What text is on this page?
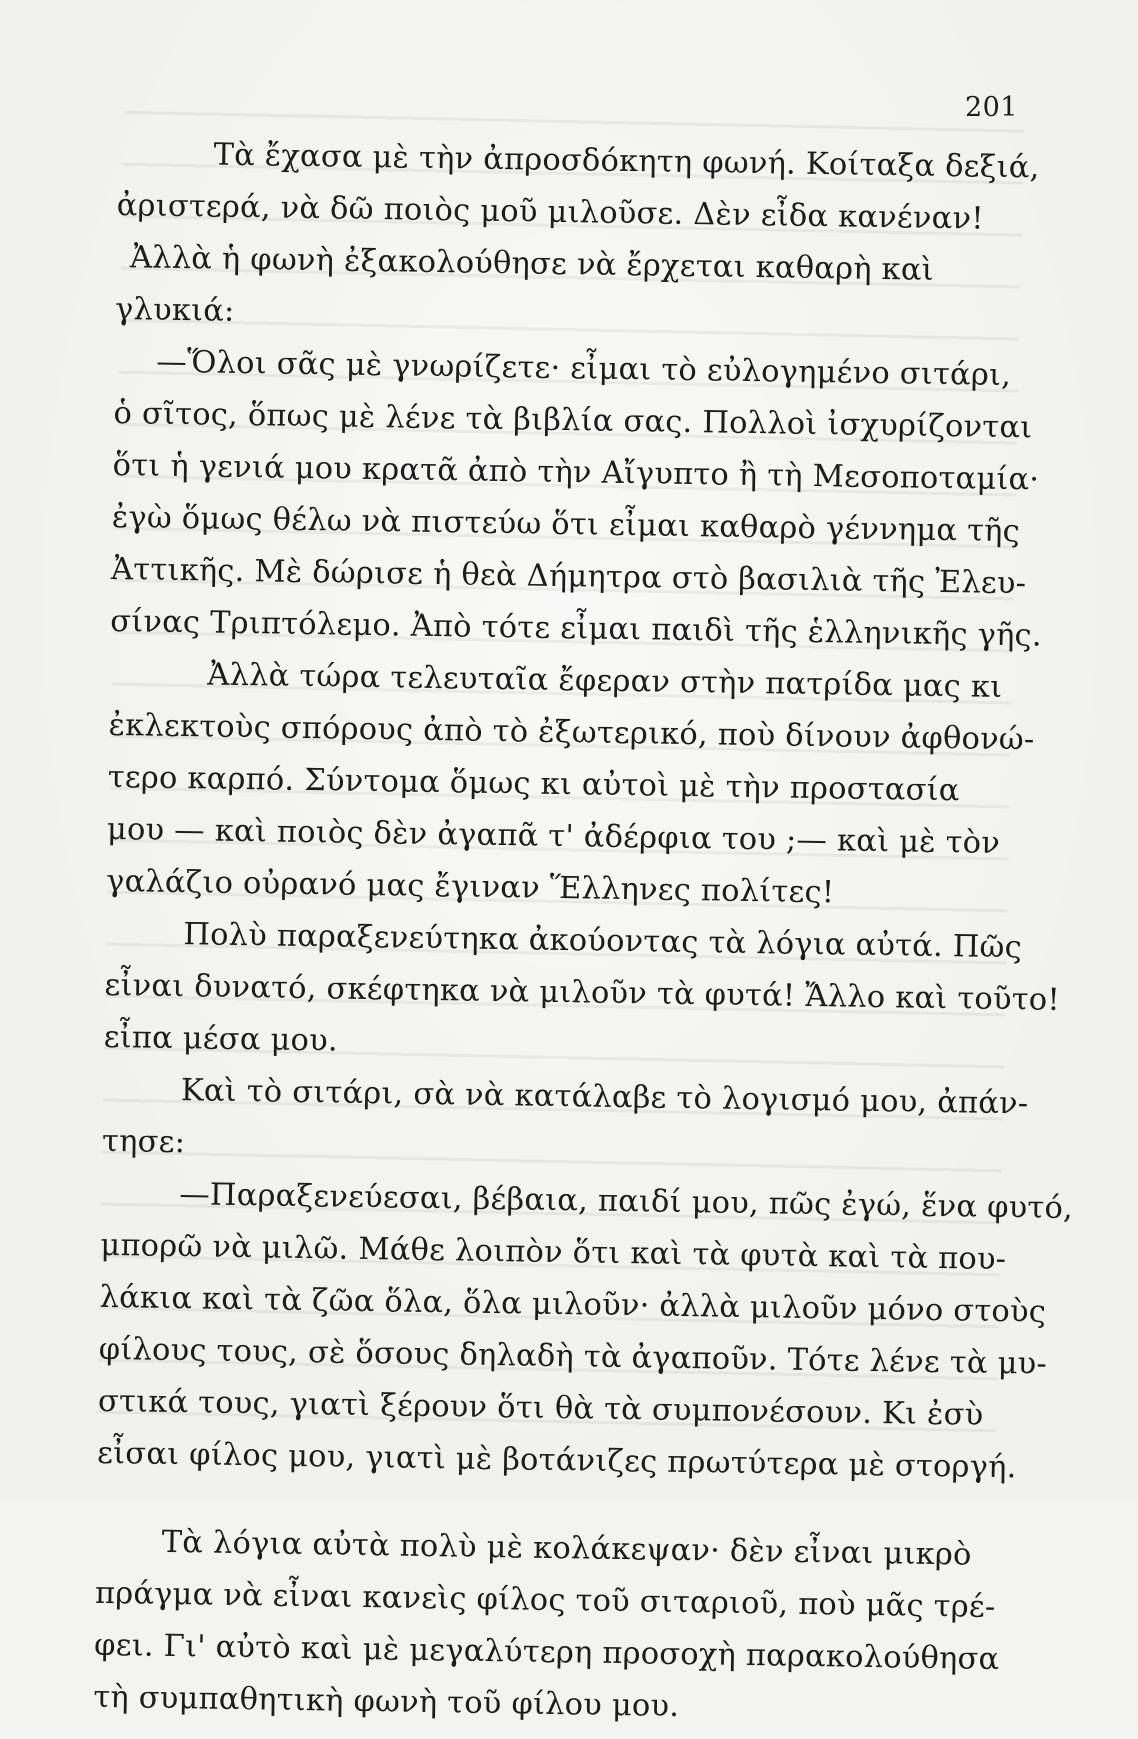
201
Τὰ ἔχασα μὲ τὴν ἀπροσδόκητη φωνή. Κοίταξα δεξιά,
ἀριστερά, νὰ δῶ ποιὸς μοῦ μιλοῦσε. Δὲν εἶδα κανέναν!
Ἀλλὰ ἡ φωνὴ ἐξακολούθησε νὰ ἔρχεται καθαρὴ καὶ
γλυκιά:
—Ὅλοι σᾶς μὲ γνωρίζετε· εἶμαι τὸ εὐλογημένο σιτάρι,
ὁ σῖτος, ὅπως μὲ λένε τὰ βιβλία σας. Πολλοὶ ἰσχυρίζονται
ὅτι ἡ γενιά μου κρατᾶ ἀπὸ τὴν Αἴγυπτο ἢ τὴ Μεσοποταμία·
ἐγὼ ὅμως θέλω νὰ πιστεύω ὅτι εἶμαι καθαρὸ γέννημα τῆς
Ἀττικῆς. Μὲ δώρισε ἡ θεὰ Δήμητρα στὸ βασιλιὰ τῆς Ἐλευ-
σίνας Τριπτόλεμο. Ἀπὸ τότε εἶμαι παιδὶ τῆς ἑλληνικῆς γῆς.
Ἀλλὰ τώρα τελευταῖα ἔφεραν στὴν πατρίδα μας κι
ἐκλεκτοὺς σπόρους ἀπὸ τὸ ἐξωτερικό, ποὺ δίνουν ἀφθονώ-
τερο καρπό. Σύντομα ὅμως κι αὐτοὶ μὲ τὴν προστασία
μου — καὶ ποιὸς δὲν ἀγαπᾶ τ' ἀδέρφια του ;— καὶ μὲ τὸν
γαλάζιο οὐρανό μας ἔγιναν Ἕλληνες πολίτες!
Πολὺ παραξενεύτηκα ἀκούοντας τὰ λόγια αὐτά. Πῶς
εἶναι δυνατό, σκέφτηκα νὰ μιλοῦν τὰ φυτά! Ἄλλο καὶ τοῦτο!
εἶπα μέσα μου.
Καὶ τὸ σιτάρι, σὰ νὰ κατάλαβε τὸ λογισμό μου, ἀπάν-
τησε:
—Παραξενεύεσαι, βέβαια, παιδί μου, πῶς ἐγώ, ἕνα φυτό,
μπορῶ νὰ μιλῶ. Μάθε λοιπὸν ὅτι καὶ τὰ φυτὰ καὶ τὰ που-
λάκια καὶ τὰ ζῶα ὅλα, ὅλα μιλοῦν· ἀλλὰ μιλοῦν μόνο στοὺς
φίλους τους, σὲ ὅσους δηλαδὴ τὰ ἀγαποῦν. Τότε λένε τὰ μυ-
στικά τους, γιατὶ ξέρουν ὅτι θὰ τὰ συμπονέσουν. Κι ἐσὺ
εἶσαι φίλος μου, γιατὶ μὲ βοτάνιζες πρωτύτερα μὲ στοργή.
Τὰ λόγια αὐτὰ πολὺ μὲ κολάκεψαν· δὲν εἶναι μικρὸ
πράγμα νὰ εἶναι κανεὶς φίλος τοῦ σιταριοῦ, ποὺ μᾶς τρέ-
φει. Γι' αὐτὸ καὶ μὲ μεγαλύτερη προσοχὴ παρακολούθησα
τὴ συμπαθητικὴ φωνὴ τοῦ φίλου μου.
